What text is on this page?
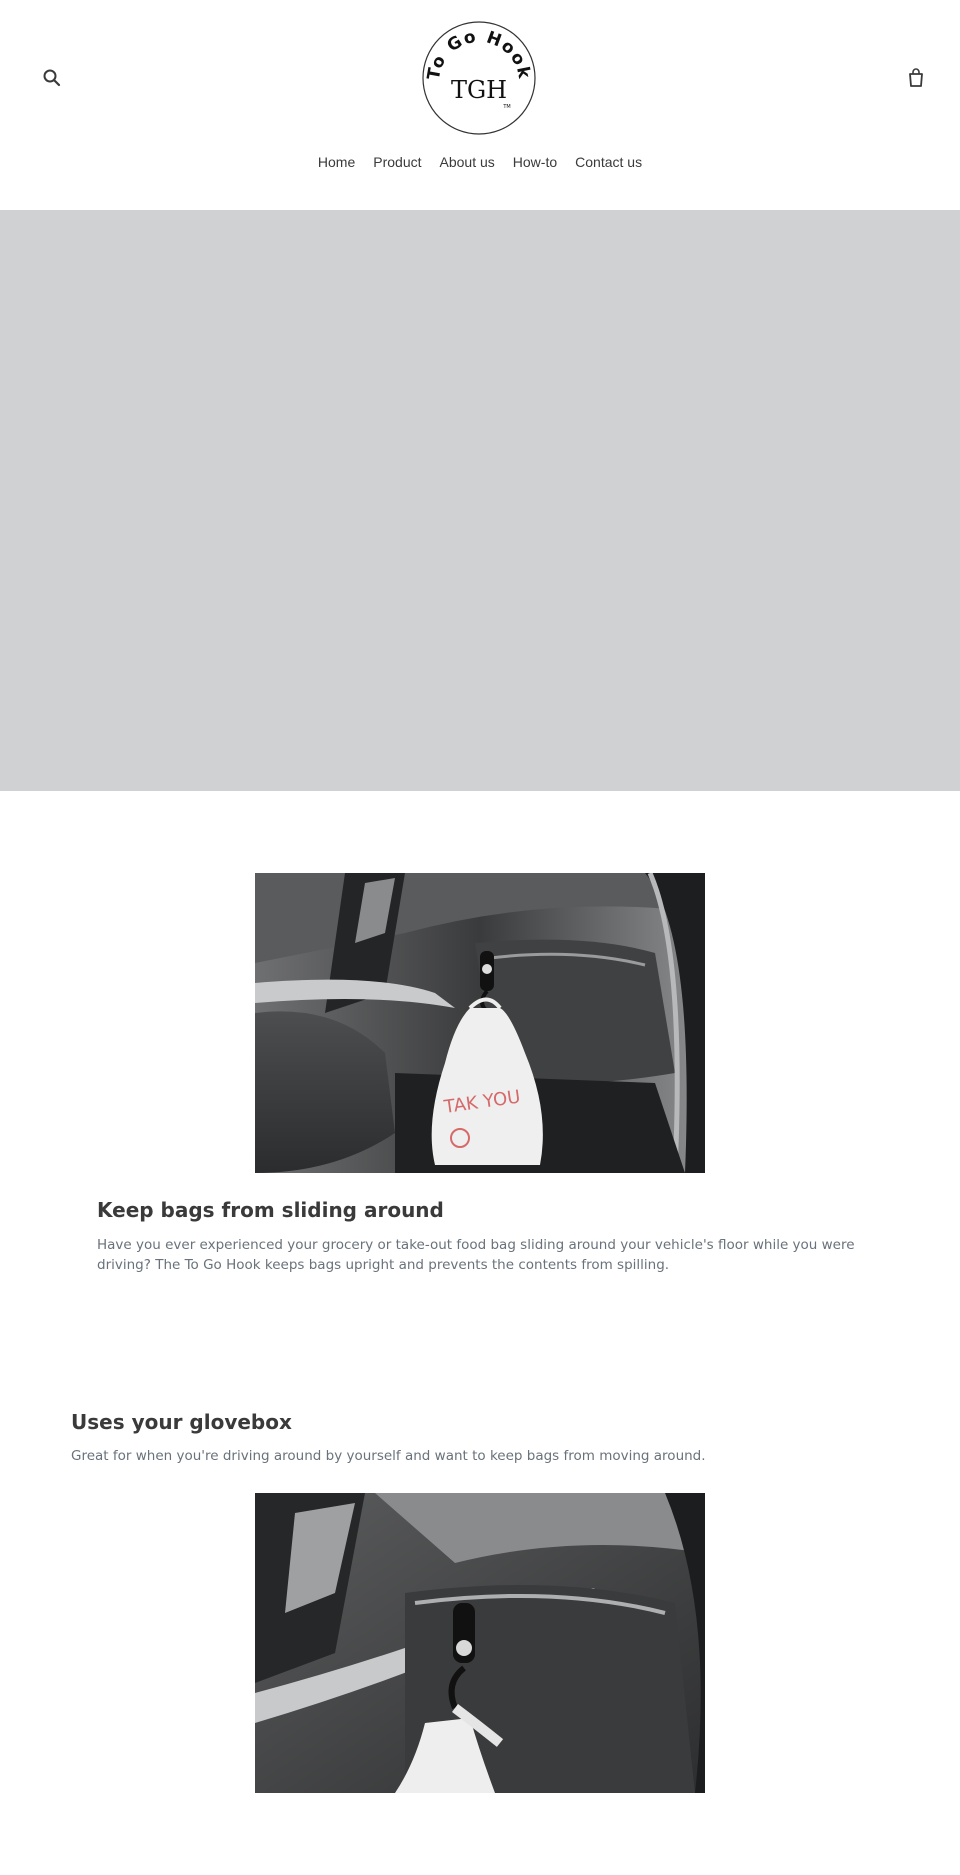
To Go Hook
TGH
TM
Home	Product	About us	How-to	Contact us
TAK YOU
Keep bags from sliding around

Have you ever experienced your grocery or take-out food bag sliding around your vehicle's floor while you were driving? The To Go Hook keeps bags upright and prevents the contents from spilling.

Uses your glovebox

Great for when you're driving around by yourself and want to keep bags from moving around.
